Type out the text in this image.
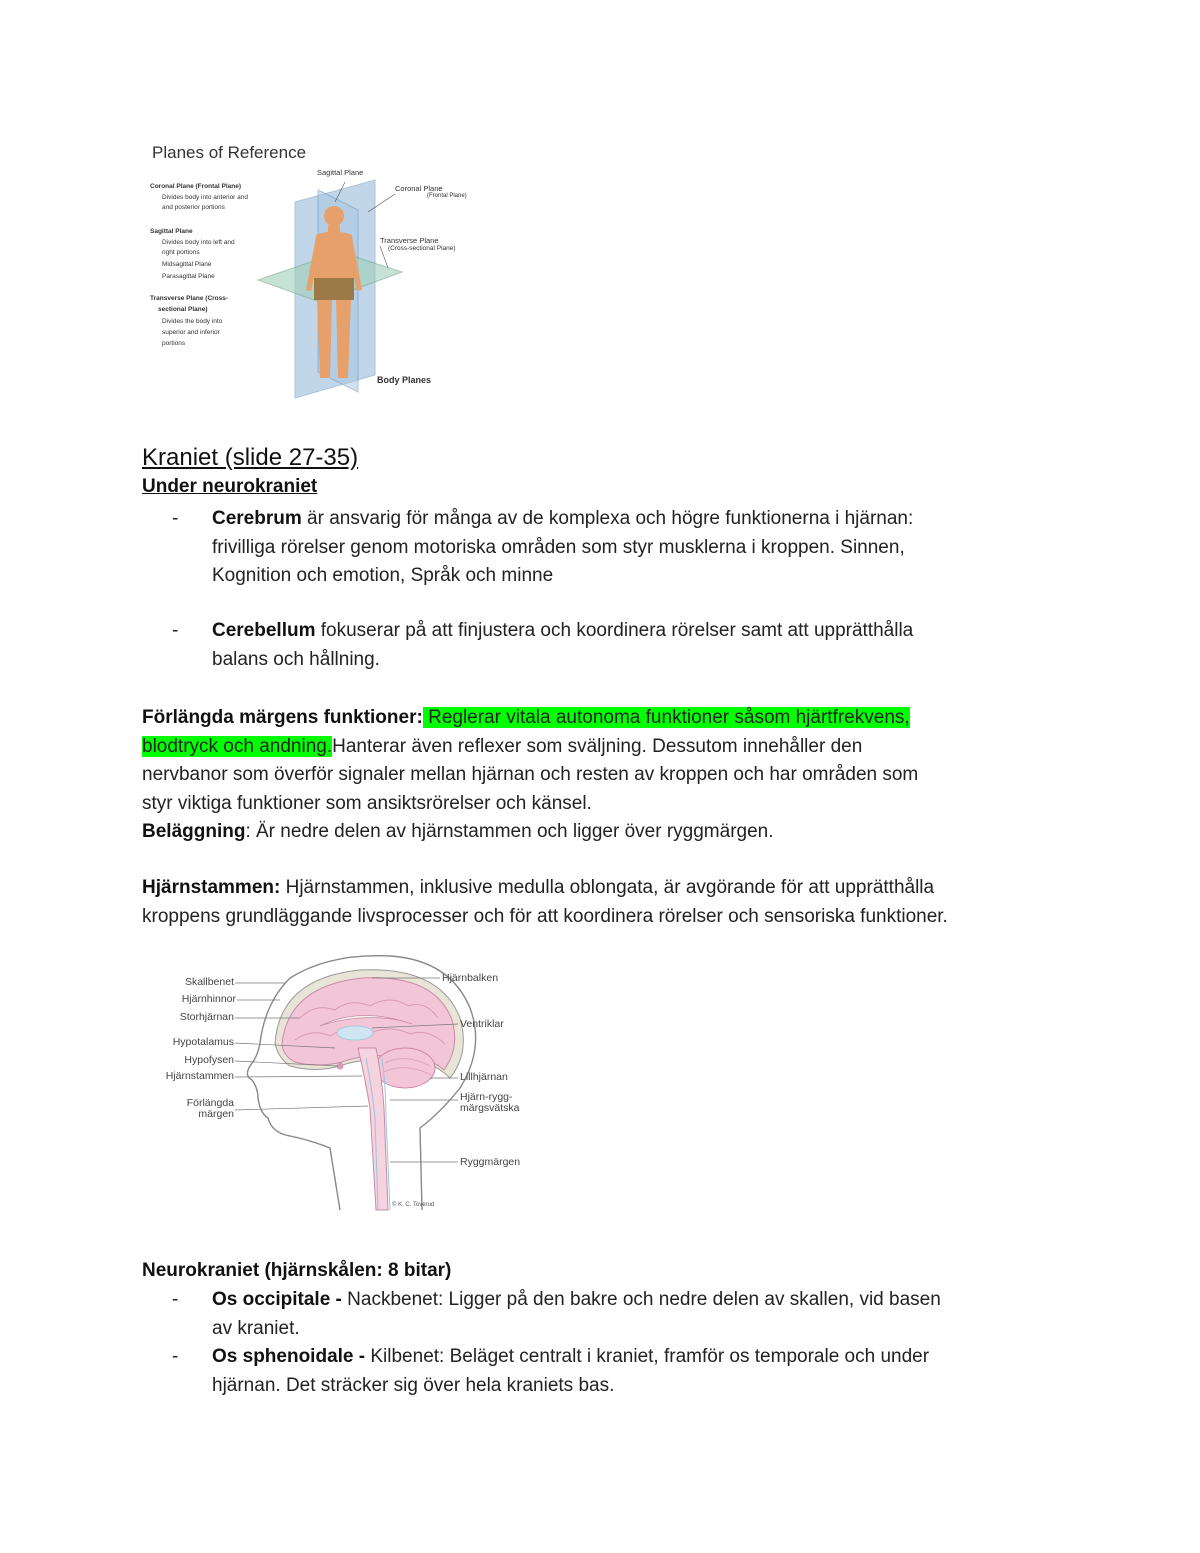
Planes of Reference
Coronal Plane (Frontal Plane)
Divides body into anterior and
and posterior portions
Sagittal Plane
Divides body into left and
right portions
Midsagittal Plane
Parasagittal Plane
Transverse Plane (Cross-
sectional Plane)
Divides the body into
superior and inferior
portions
Sagittal Plane
Coronal Plane
(Frontal Plane)
Transverse Plane
(Cross-sectional Plane)
Body Planes
Kraniet (slide 27-35)
Under neurokraniet
- Cerebrum är ansvarig för många av de komplexa och högre funktionerna i hjärnan:
frivilliga rörelser genom motoriska områden som styr musklerna i kroppen. Sinnen,
Kognition och emotion, Språk och minne
- Cerebellum fokuserar på att finjustera och koordinera rörelser samt att upprätthålla
balans och hållning.
Förlängda märgens funktioner: Reglerar vitala autonoma funktioner såsom hjärtfrekvens,
blodtryck och andning.Hanterar även reflexer som sväljning. Dessutom innehåller den
nervbanor som överför signaler mellan hjärnan och resten av kroppen och har områden som
styr viktiga funktioner som ansiktsrörelser och känsel.
Beläggning: Är nedre delen av hjärnstammen och ligger över ryggmärgen.
Hjärnstammen: Hjärnstammen, inklusive medulla oblongata, är avgörande för att upprätthålla
kroppens grundläggande livsprocesser och för att koordinera rörelser och sensoriska funktioner.
Skallbenet
Hjärnhinnor
Storhjärnan
Hypotalamus
Hypofysen
Hjärnstammen
Förlängda
märgen
Hjärnbalken
Ventriklar
Lillhjärnan
Hjärn-rygg-
märgsvätska
Ryggmärgen
© K. C. Toverud
Neurokraniet (hjärnskålen: 8 bitar)
- Os occipitale - Nackbenet: Ligger på den bakre och nedre delen av skallen, vid basen
av kraniet.
- Os sphenoidale - Kilbenet: Beläget centralt i kraniet, framför os temporale och under
hjärnan. Det sträcker sig över hela kraniets bas.
